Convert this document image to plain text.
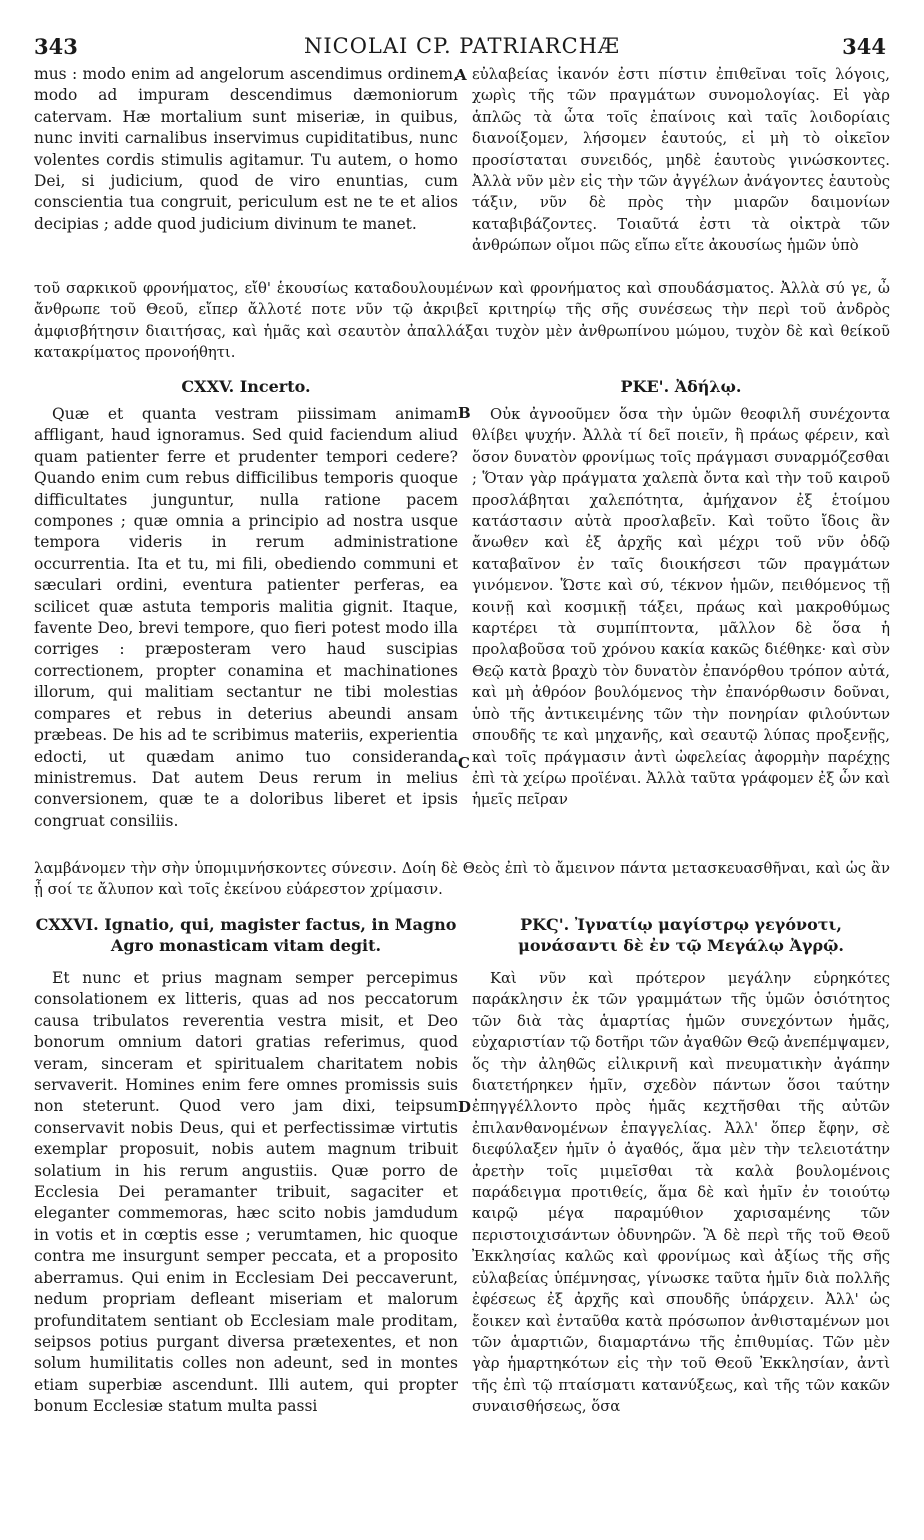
343	NICOLAI CP. PATRIARCHÆ	344

mus : modo enim ad angelorum ascendimus ordinem, modo ad impuram descendimus dæmoniorum catervam. Hæ mortalium sunt miseriæ, in quibus, nunc inviti carnalibus inservimus cupiditatibus, nunc volentes cordis stimulis agitamur. Tu autem, o homo Dei, si judicium, quod de viro enuntias, cum conscientia tua congruit, periculum est ne te et alios decipias ; adde quod judicium divinum te manet.

A εὐλαβείας ἱκανόν ἐστι πίστιν ἐπιθεῖναι τοῖς λόγοις, χωρὶς τῆς τῶν πραγμάτων συνομολογίας. Εἰ γὰρ ἁπλῶς τὰ ὦτα τοῖς ἐπαίνοις καὶ ταῖς λοιδορίαις διανοίξομεν, λήσομεν ἑαυτούς, εἰ μὴ τὸ οἰκεῖον προσίσταται συνειδός, μηδὲ ἑαυτοὺς γινώσκοντες. Ἀλλὰ νῦν μὲν εἰς τὴν τῶν ἀγγέλων ἀνάγοντες ἑαυτοὺς τάξιν, νῦν δὲ πρὸς τὴν μιαρῶν δαιμονίων καταβιβάζοντες. Τοιαῦτά ἐστι τὰ οἰκτρὰ τῶν ἀνθρώπων οἴμοι πῶς εἴπω εἴτε ἀκουσίως ἡμῶν ὑπὸ

τοῦ σαρκικοῦ φρονήματος, εἴθ' ἑκουσίως καταδουλουμένων καὶ φρονήματος καὶ σπουδάσματος. Ἀλλὰ σύ γε, ὦ ἄνθρωπε τοῦ Θεοῦ, εἴπερ ἄλλοτέ ποτε νῦν τῷ ἀκριβεῖ κριτηρίῳ τῆς σῆς συνέσεως τὴν περὶ τοῦ ἀνδρὸς ἀμφισβήτησιν διαιτήσας, καὶ ἡμᾶς καὶ σεαυτὸν ἀπαλλάξαι τυχὸν μὲν ἀνθρωπίνου μώμου, τυχὸν δὲ καὶ θείκοῦ κατακρίματος προνοήθητι.

CXXV. Incerto.	ΡΚΕ'. Ἀδήλῳ.

Quæ et quanta vestram piissimam animam affligant, haud ignoramus. Sed quid faciendum aliud quam patienter ferre et prudenter tempori cedere? Quando enim cum rebus difficilibus temporis quoque difficultates junguntur, nulla ratione pacem compones ; quæ omnia a principio ad nostra usque tempora videris in rerum administratione occurrentia. Ita et tu, mi fili, obediendo communi et sæculari ordini, eventura patienter perferas, ea scilicet quæ astuta temporis malitia gignit. Itaque, favente Deo, brevi tempore, quo fieri potest modo illa corriges : præposteram vero haud suscipias correctionem, propter conamina et machinationes illorum, qui malitiam sectantur ne tibi molestias compares et rebus in deterius abeundi ansam præbeas. De his ad te scribimus materiis, experientia edocti, ut quædam animo tuo consideranda ministremus. Dat autem Deus rerum in melius conversionem, quæ te a doloribus liberet et ipsis congruat consiliis.

B
C

Οὐκ ἀγνοοῦμεν ὅσα τὴν ὑμῶν θεοφιλῆ συνέχοντα θλίβει ψυχήν. Ἀλλὰ τί δεῖ ποιεῖν, ἢ πράως φέρειν, καὶ ὅσον δυνατὸν φρονίμως τοῖς πράγμασι συναρμόζεσθαι ; Ὅταν γὰρ πράγματα χαλεπὰ ὄντα καὶ τὴν τοῦ καιροῦ προσλάβηται χαλεπότητα, ἀμήχανον ἐξ ἑτοίμου κατάστασιν αὐτὰ προσλαβεῖν. Καὶ τοῦτο ἴδοις ἂν ἄνωθεν καὶ ἐξ ἀρχῆς καὶ μέχρι τοῦ νῦν ὁδῷ καταβαῖνον ἐν ταῖς διοικήσεσι τῶν πραγμάτων γινόμενον. Ὥστε καὶ σύ, τέκνον ἡμῶν, πειθόμενος τῇ κοινῇ καὶ κοσμικῇ τάξει, πράως καὶ μακροθύμως καρτέρει τὰ συμπίπτοντα, μᾶλλον δὲ ὅσα ἡ προλαβοῦσα τοῦ χρόνου κακία κακῶς διέθηκε· καὶ σὺν Θεῷ κατὰ βραχὺ τὸν δυνατὸν ἐπανόρθου τρόπον αὐτά, καὶ μὴ ἀθρόον βουλόμενος τὴν ἐπανόρθωσιν δοῦναι, ὑπὸ τῆς ἀντικειμένης τῶν τὴν πονηρίαν φιλούντων σπουδῆς τε καὶ μηχανῆς, καὶ σεαυτῷ λύπας προξενῇς, καὶ τοῖς πράγμασιν ἀντὶ ὠφελείας ἀφορμὴν παρέχῃς ἐπὶ τὰ χείρω προϊέναι. Ἀλλὰ ταῦτα γράφομεν ἐξ ὧν καὶ ἡμεῖς πεῖραν

λαμβάνομεν τὴν σὴν ὑπομιμνήσκοντες σύνεσιν. Δοίη δὲ Θεὸς ἐπὶ τὸ ἄμεινον πάντα μετασκευασθῆναι, καὶ ὡς ἂν ᾖ σοί τε ἄλυπον καὶ τοῖς ἐκείνου εὐάρεστον χρίμασιν.

CXXVI. Ignatio, qui, magister factus, in Magno Agro monasticam vitam degit.
ΡΚϚ'. Ἰγνατίῳ μαγίστρῳ γεγόνοτι, μονάσαντι δὲ ἐν τῷ Μεγάλῳ Ἀγρῷ.

Et nunc et prius magnam semper percepimus consolationem ex litteris, quas ad nos peccatorum causa tribulatos reverentia vestra misit, et Deo bonorum omnium datori gratias referimus, quod veram, sinceram et spiritualem charitatem nobis servaverit. Homines enim fere omnes promissis suis non steterunt. Quod vero jam dixi, teipsum conservavit nobis Deus, qui et perfectissimæ virtutis exemplar proposuit, nobis autem magnum tribuit solatium in his rerum angustiis. Quæ porro de Ecclesia Dei peramanter tribuit, sagaciter et eleganter commemoras, hæc scito nobis jamdudum in votis et in cœptis esse ; verumtamen, hic quoque contra me insurgunt semper peccata, et a proposito aberramus. Qui enim in Ecclesiam Dei peccaverunt, nedum propriam defleant miseriam et malorum profunditatem sentiant ob Ecclesiam male proditam, seipsos potius purgant diversa prætexentes, et non solum humilitatis colles non adeunt, sed in montes etiam superbiæ ascendunt. Illi autem, qui propter bonum Ecclesiæ statum multa passi

D

Καὶ νῦν καὶ πρότερον μεγάλην εὑρηκότες παράκλησιν ἐκ τῶν γραμμάτων τῆς ὑμῶν ὁσιότητος τῶν διὰ τὰς ἁμαρτίας ἡμῶν συνεχόντων ἡμᾶς, εὐχαριστίαν τῷ δοτῆρι τῶν ἀγαθῶν Θεῷ ἀνεπέμψαμεν, ὅς τὴν ἀληθῶς εἰλικρινῆ καὶ πνευματικὴν ἀγάπην διατετήρηκεν ἡμῖν, σχεδὸν πάντων ὅσοι ταύτην ἐπηγγέλλοντο πρὸς ἡμᾶς κεχτῆσθαι τῆς αὐτῶν ἐπιλανθανομένων ἐπαγγελίας. Ἀλλ' ὅπερ ἔφην, σὲ διεφύλαξεν ἡμῖν ὁ ἀγαθός, ἅμα μὲν τὴν τελειοτάτην ἀρετὴν τοῖς μιμεῖσθαι τὰ καλὰ βουλομένοις παράδειγμα προτιθείς, ἅμα δὲ καὶ ἡμῖν ἐν τοιούτῳ καιρῷ μέγα παραμύθιον χαρισαμένης τῶν περιστοιχισάντων ὀδυνηρῶν. Ἃ δὲ περὶ τῆς τοῦ Θεοῦ Ἐκκλησίας καλῶς καὶ φρονίμως καὶ ἀξίως τῆς σῆς εὐλαβείας ὑπέμνησας, γίνωσκε ταῦτα ἡμῖν διὰ πολλῆς ἐφέσεως ἐξ ἀρχῆς καὶ σπουδῆς ὑπάρχειν. Ἀλλ' ὡς ἔοικεν καὶ ἐνταῦθα κατὰ πρόσωπον ἀνθισταμένων μοι τῶν ἁμαρτιῶν, διαμαρτάνω τῆς ἐπιθυμίας. Τῶν μὲν γὰρ ἡμαρτηκότων εἰς τὴν τοῦ Θεοῦ Ἐκκλησίαν, ἀντὶ τῆς ἐπὶ τῷ πταίσματι κατανύξεως, καὶ τῆς τῶν κακῶν συναισθήσεως, ὅσα
